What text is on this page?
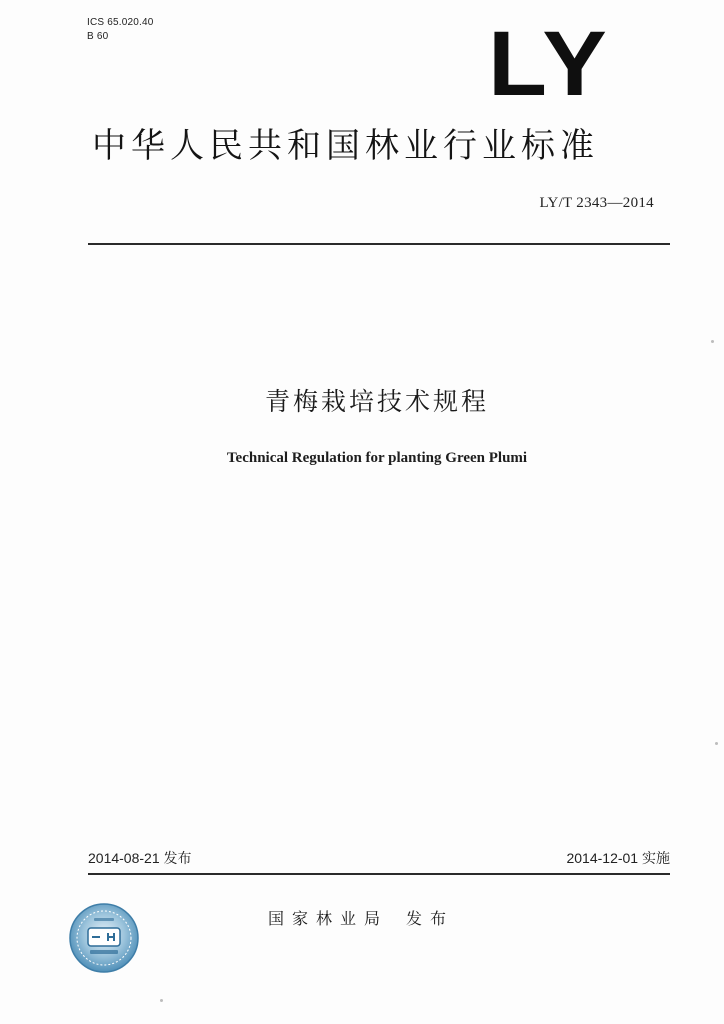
ICS 65.020.40
B 60	LY
中华人民共和国林业行业标准
LY/T 2343—2014
青梅栽培技术规程
Technical Regulation for planting Green Plumi
2014-08-21 发布	2014-12-01 实施
国家林业局 发布
